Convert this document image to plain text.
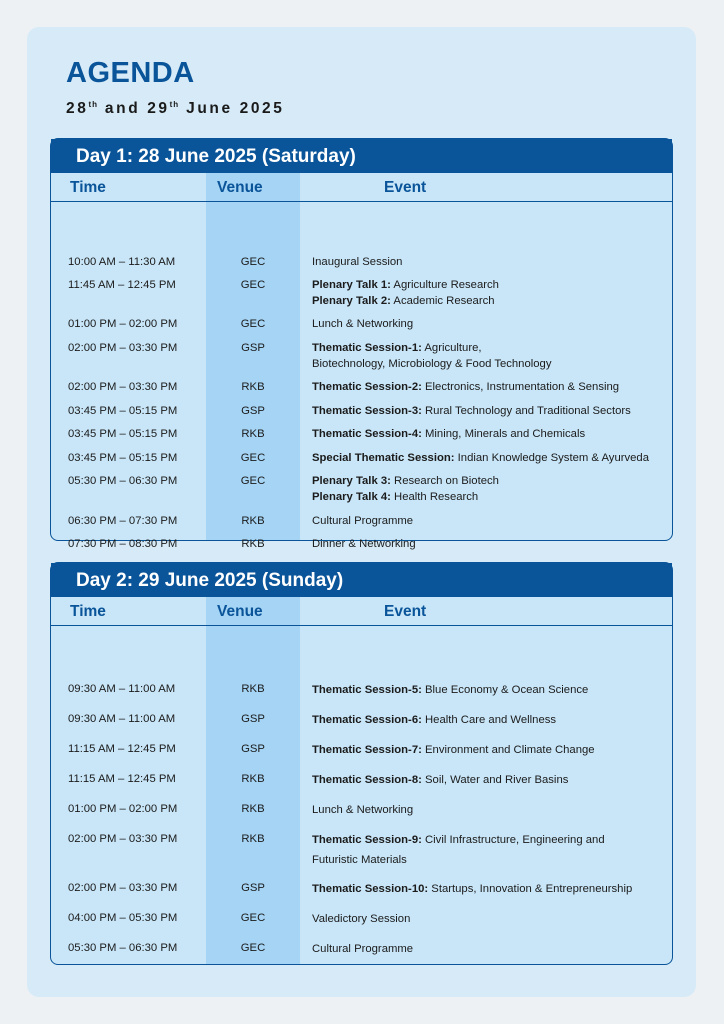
AGENDA
28th and 29th June 2025
Day 1: 28 June 2025 (Saturday)
Time	Venue	Event
10:00 AM – 11:30 AM	GEC	Inaugural Session
11:45 AM – 12:45 PM	GEC	Plenary Talk 1: Agriculture Research
Plenary Talk 2: Academic Research
01:00 PM – 02:00 PM	GEC	Lunch & Networking
02:00 PM – 03:30 PM	GSP	Thematic Session-1: Agriculture,
Biotechnology, Microbiology & Food Technology
02:00 PM – 03:30 PM	RKB	Thematic Session-2: Electronics, Instrumentation & Sensing
03:45 PM – 05:15 PM	GSP	Thematic Session-3: Rural Technology and Traditional Sectors
03:45 PM – 05:15 PM	RKB	Thematic Session-4: Mining, Minerals and Chemicals
03:45 PM – 05:15 PM	GEC	Special Thematic Session: Indian Knowledge System & Ayurveda
05:30 PM – 06:30 PM	GEC	Plenary Talk 3: Research on Biotech
Plenary Talk 4: Health Research
06:30 PM – 07:30 PM	RKB	Cultural Programme
07:30 PM – 08:30 PM	RKB	Dinner & Networking
Day 2: 29 June 2025 (Sunday)
Time	Venue	Event
09:30 AM – 11:00 AM	RKB	Thematic Session-5: Blue Economy & Ocean Science
09:30 AM – 11:00 AM	GSP	Thematic Session-6: Health Care and Wellness
11:15 AM – 12:45 PM	GSP	Thematic Session-7: Environment and Climate Change
11:15 AM – 12:45 PM	RKB	Thematic Session-8: Soil, Water and River Basins
01:00 PM – 02:00 PM	RKB	Lunch & Networking
02:00 PM – 03:30 PM	RKB	Thematic Session-9: Civil Infrastructure, Engineering and
Futuristic Materials
02:00 PM – 03:30 PM	GSP	Thematic Session-10: Startups, Innovation & Entrepreneurship
04:00 PM – 05:30 PM	GEC	Valedictory Session
05:30 PM – 06:30 PM	GEC	Cultural Programme
